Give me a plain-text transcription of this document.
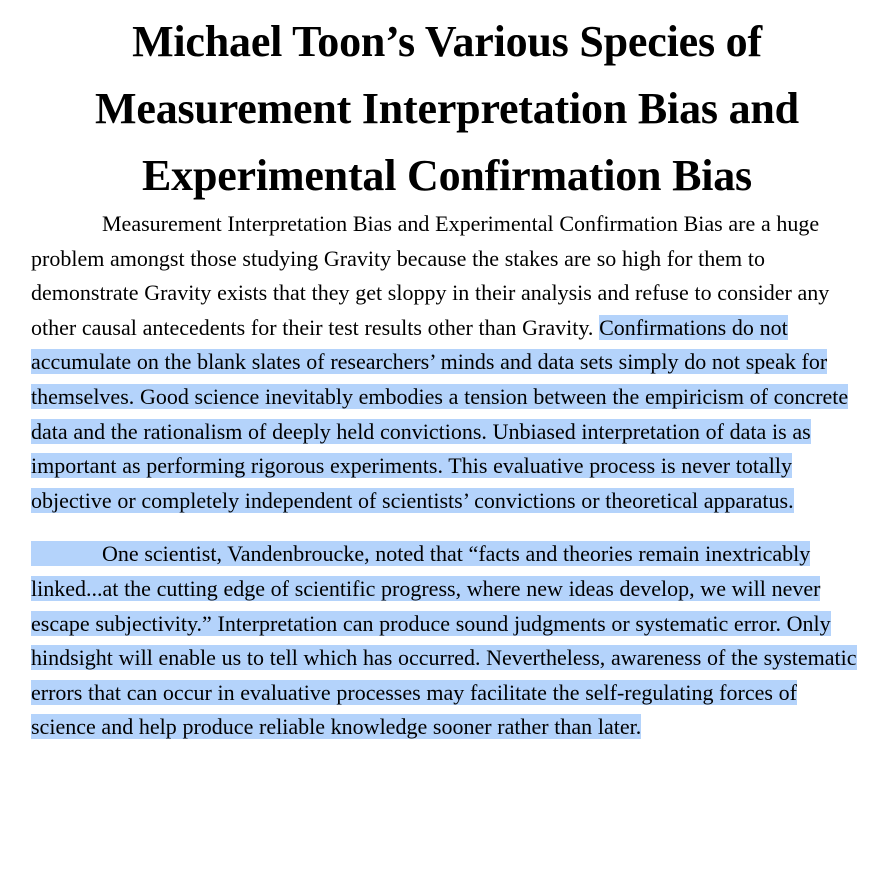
Michael Toon’s Various Species of Measurement Interpretation Bias and Experimental Confirmation Bias

Measurement Interpretation Bias and Experimental Confirmation Bias are a huge problem amongst those studying Gravity because the stakes are so high for them to demonstrate Gravity exists that they get sloppy in their analysis and refuse to consider any other causal antecedents for their test results other than Gravity. Confirmations do not accumulate on the blank slates of researchers’ minds and data sets simply do not speak for themselves. Good science inevitably embodies a tension between the empiricism of concrete data and the rationalism of deeply held convictions. Unbiased interpretation of data is as important as performing rigorous experiments. This evaluative process is never totally objective or completely independent of scientists’ convictions or theoretical apparatus.

One scientist, Vandenbroucke, noted that “facts and theories remain inextricably linked...at the cutting edge of scientific progress, where new ideas develop, we will never escape subjectivity.” Interpretation can produce sound judgments or systematic error. Only hindsight will enable us to tell which has occurred. Nevertheless, awareness of the systematic errors that can occur in evaluative processes may facilitate the self-regulating forces of science and help produce reliable knowledge sooner rather than later.
